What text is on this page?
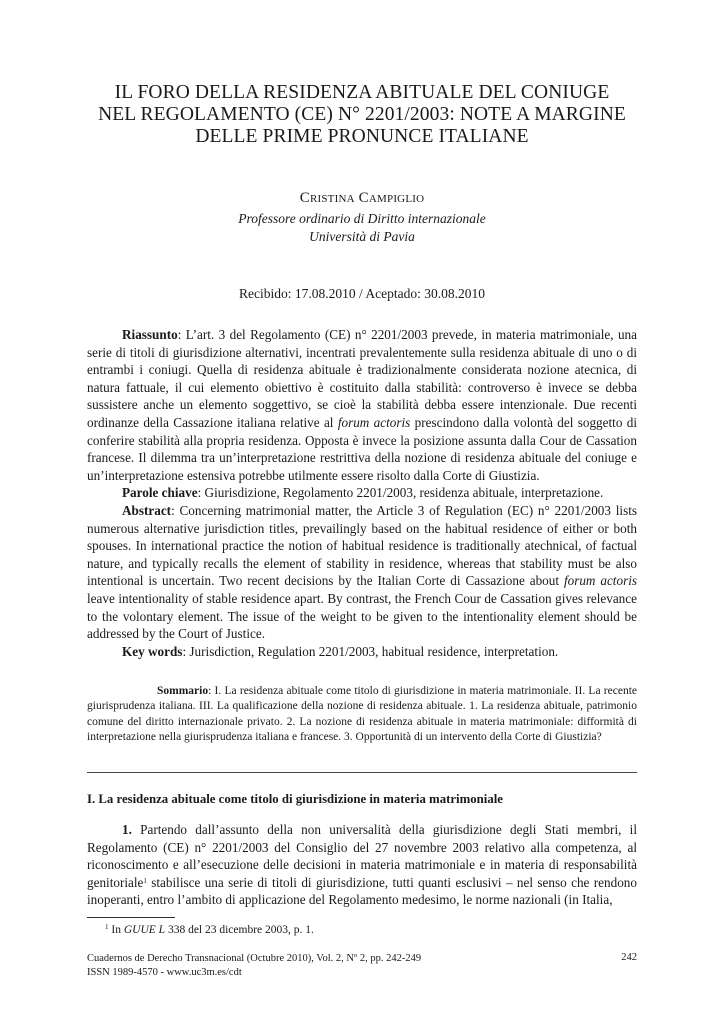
IL FORO DELLA RESIDENZA ABITUALE DEL CONIUGE
NEL REGOLAMENTO (CE) N° 2201/2003: NOTE A MARGINE
DELLE PRIME PRONUNCE ITALIANE
Cristina Campiglio
Professore ordinario di Diritto internazionale
Università di Pavia
Recibido: 17.08.2010 / Aceptado: 30.08.2010

Riassunto: L’art. 3 del Regolamento (CE) n° 2201/2003 prevede, in materia matrimoniale, una serie di titoli di giurisdizione alternativi, incentrati prevalentemente sulla residenza abituale di uno o di entrambi i coniugi. Quella di residenza abituale è tradizionalmente considerata nozione atecnica, di natura fattuale, il cui elemento obiettivo è costituito dalla stabilità: controverso è invece se debba sussistere anche un elemento soggettivo, se cioè la stabilità debba essere intenzionale. Due recenti ordinanze della Cassazione italiana relative al forum actoris prescindono dalla volontà del soggetto di conferire stabilità alla propria residenza. Opposta è invece la posizione assunta dalla Cour de Cassation francese. Il dilemma tra un’interpretazione restrittiva della nozione di residenza abituale del coniuge e un’interpretazione estensiva potrebbe utilmente essere risolto dalla Corte di Giustizia.

Parole chiave: Giurisdizione, Regolamento 2201/2003, residenza abituale, interpretazione.

Abstract: Concerning matrimonial matter, the Article 3 of Regulation (EC) n° 2201/2003 lists numerous alternative jurisdiction titles, prevailingly based on the habitual residence of either or both spouses. In international practice the notion of habitual residence is traditionally atechnical, of factual nature, and typically recalls the element of stability in residence, whereas that stability must be also intentional is uncertain. Two recent decisions by the Italian Corte di Cassazione about forum actoris leave intentionality of stable residence apart. By contrast, the French Cour de Cassation gives relevance to the volontary element. The issue of the weight to be given to the intentionality element should be addressed by the Court of Justice.

Key words: Jurisdiction, Regulation 2201/2003, habitual residence, interpretation.

Sommario: I. La residenza abituale come titolo di giurisdizione in materia matrimoniale. II. La recente giurisprudenza italiana. III. La qualificazione della nozione di residenza abituale. 1. La residenza abituale, patrimonio comune del diritto internazionale privato. 2. La nozione di residenza abituale in materia matrimoniale: difformità di interpretazione nella giurisprudenza italiana e francese. 3. Opportunità di un intervento della Corte di Giustizia?

I. La residenza abituale come titolo di giurisdizione in materia matrimoniale

1. Partendo dall’assunto della non universalità della giurisdizione degli Stati membri, il Regolamento (CE) n° 2201/2003 del Consiglio del 27 novembre 2003 relativo alla competenza, al riconoscimento e all’esecuzione delle decisioni in materia matrimoniale e in materia di responsabilità genitoriale$^1$ stabilisce una serie di titoli di giurisdizione, tutti quanti esclusivi – nel senso che rendono inoperanti, entro l’ambito di applicazione del Regolamento medesimo, le norme nazionali (in Italia,

$^1$ In GUUE L 338 del 23 dicembre 2003, p. 1.
Cuadernos de Derecho Transnacional (Octubre 2010), Vol. 2, Nº 2, pp. 242-249
ISSN 1989-4570 - www.uc3m.es/cdt
242
